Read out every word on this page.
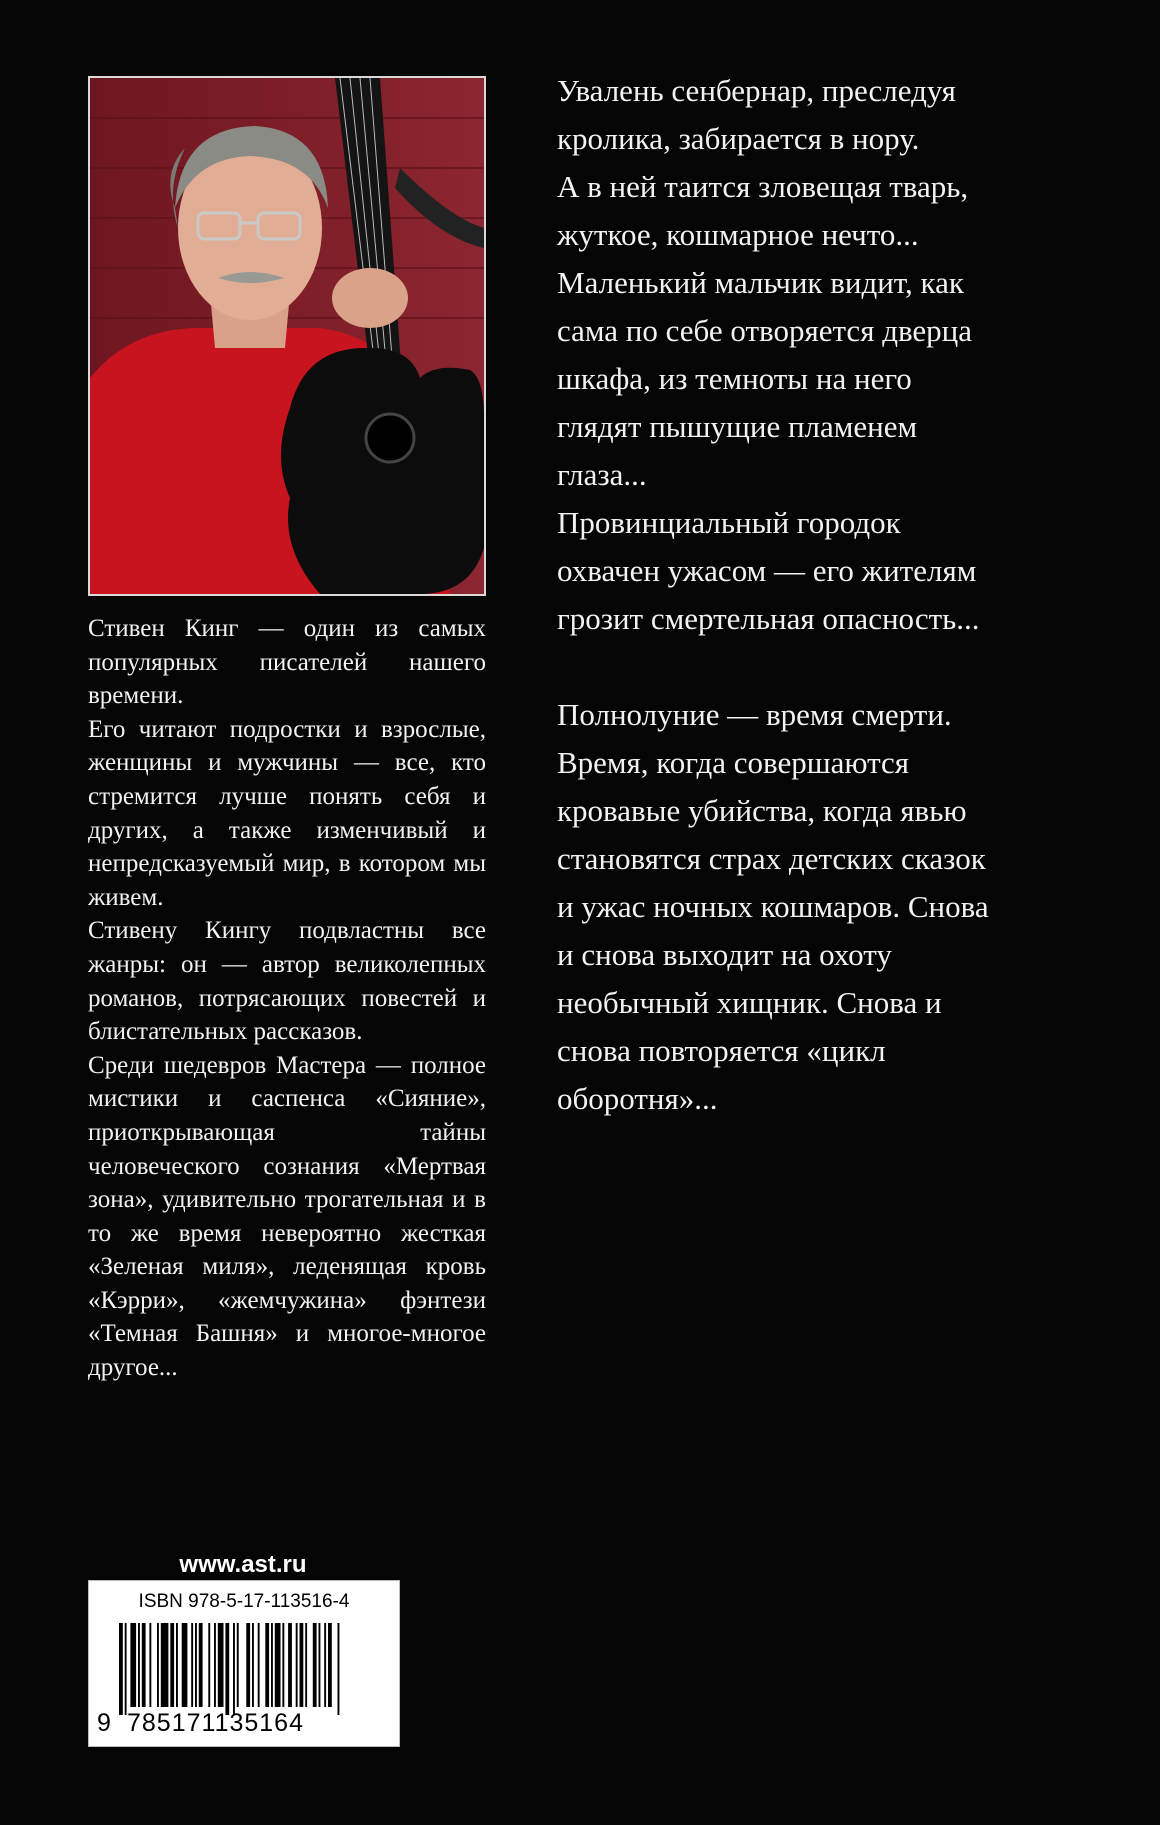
Стивен Кинг — один из самых популярных писателей нашего времени.

Его читают подростки и взрослые, женщины и мужчины — все, кто стремится лучше понять себя и других, а также изменчивый и непредсказуемый мир, в котором мы живем.

Стивену Кингу подвластны все жанры: он — автор великолепных романов, потрясающих повестей и блистательных рассказов.

Среди шедевров Мастера — полное мистики и саспенса «Сияние», приоткрывающая тайны человеческого сознания «Мертвая зона», удивительно трогательная и в то же время невероятно жесткая «Зеленая миля», леденящая кровь «Кэрри», «жемчужина» фэнтези «Темная Башня» и многое-многое другое...

Увалень сенбернар, преследуя

кролика, забирается в нору.

А в ней таится зловещая тварь,

жуткое, кошмарное нечто...

Маленький мальчик видит, как

сама по себе отворяется дверца

шкафа, из темноты на него

глядят пышущие пламенем

глаза...

Провинциальный городок

охвачен ужасом — его жителям

грозит смертельная опасность...

Полнолуние — время смерти.

Время, когда совершаются

кровавые убийства, когда явью

становятся страх детских сказок

и ужас ночных кошмаров. Снова

и снова выходит на охоту

необычный хищник. Снова и

снова повторяется «цикл

оборотня»...

www.ast.ru
ISBN 978-5-17-113516-4
9 785171135164
